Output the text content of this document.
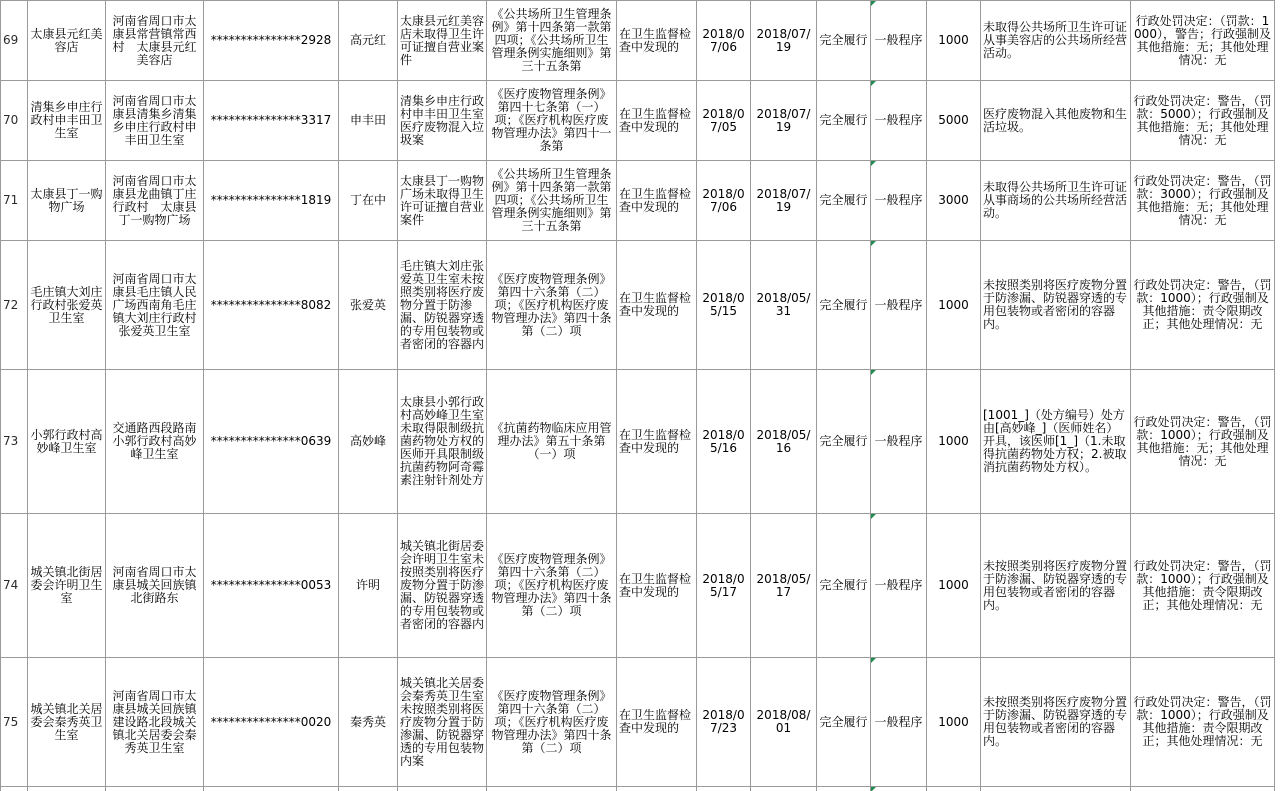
69	太康县元红美容店	河南省周口市太康县常营镇常西村　太康县元红美容店	***************2928	高元红	太康县元红美容店未取得卫生许可证擅自营业案件	《公共场所卫生管理条例》第十四条第一款第四项；《公共场所卫生管理条例实施细则》第三十五条第	在卫生监督检查中发现的	2018/07/06	2018/07/19	完全履行	一般程序	1000	未取得公共场所卫生许可证从事美容店的公共场所经营活动。	行政处罚决定：（罚款：1000），警告；行政强制及其他措施：无；其他处理情况：无
70	清集乡申庄行政村申丰田卫生室	河南省周口市太康县清集乡清集乡申庄行政村申丰田卫生室	***************3317	申丰田	清集乡申庄行政村申丰田卫生室医疗废物混入垃圾案	《医疗废物管理条例》第四十七条第（一）项；《医疗机构医疗废物管理办法》第四十一条第	在卫生监督检查中发现的	2018/07/05	2018/07/19	完全履行	一般程序	5000	医疗废物混入其他废物和生活垃圾。	行政处罚决定：警告，（罚款：5000）；行政强制及其他措施：无；其他处理情况：无
71	太康县丁一购物广场	河南省周口市太康县龙曲镇丁庄行政村　太康县丁一购物广场	***************1819	丁在中	太康县丁一购物广场未取得卫生许可证擅自营业案件	《公共场所卫生管理条例》第十四条第一款第四项；《公共场所卫生管理条例实施细则》第三十五条第	在卫生监督检查中发现的	2018/07/06	2018/07/19	完全履行	一般程序	3000	未取得公共场所卫生许可证从事商场的公共场所经营活动。	行政处罚决定：警告，（罚款：3000）；行政强制及其他措施：无；其他处理情况：无
72	毛庄镇大刘庄行政村张爱英卫生室	河南省周口市太康县毛庄镇人民广场西南角毛庄镇大刘庄行政村张爱英卫生室	***************8082	张爱英	毛庄镇大刘庄张爱英卫生室未按照类别将医疗废物分置于防渗漏、防锐器穿透的专用包装物或者密闭的容器内	《医疗废物管理条例》第四十六条第（二）项；《医疗机构医疗废物管理办法》第四十条第（二）项	在卫生监督检查中发现的	2018/05/15	2018/05/31	完全履行	一般程序	1000	未按照类别将医疗废物分置于防渗漏、防锐器穿透的专用包装物或者密闭的容器内。	行政处罚决定：警告，（罚款：1000）；行政强制及其他措施：责令限期改正；其他处理情况：无
73	小郭行政村高妙峰卫生室	交通路西段路南小郭行政村高妙峰卫生室	***************0639	高妙峰	太康县小郭行政村高妙峰卫生室未取得限制级抗菌药物处方权的医师开具限制级抗菌药物阿奇霉素注射针剂处方	《抗菌药物临床应用管理办法》第五十条第（一）项	在卫生监督检查中发现的	2018/05/16	2018/05/16	完全履行	一般程序	1000	[1001_]（处方编号）处方由[高妙峰_]（医师姓名）开具，该医师[1_]（1.未取得抗菌药物处方权；2.被取消抗菌药物处方权）。	行政处罚决定：警告，（罚款：1000）；行政强制及其他措施：无；其他处理情况：无
74	城关镇北街居委会许明卫生室	河南省周口市太康县城关回族镇北街路东	***************0053	许明	城关镇北街居委会许明卫生室未按照类别将医疗废物分置于防渗漏、防锐器穿透的专用包装物或者密闭的容器内	《医疗废物管理条例》第四十六条第（二）项；《医疗机构医疗废物管理办法》第四十条第（二）项	在卫生监督检查中发现的	2018/05/17	2018/05/17	完全履行	一般程序	1000	未按照类别将医疗废物分置于防渗漏、防锐器穿透的专用包装物或者密闭的容器内。	行政处罚决定：警告，（罚款：1000）；行政强制及其他措施：责令限期改正；其他处理情况：无
75	城关镇北关居委会秦秀英卫生室	河南省周口市太康县城关回族镇建设路北段城关镇北关居委会秦秀英卫生室	***************0020	秦秀英	城关镇北关居委会秦秀英卫生室未按照类别将医疗废物分置于防渗漏、防锐器穿透的专用包装物内案	《医疗废物管理条例》第四十六条第（二）项；《医疗机构医疗废物管理办法》第四十条第（二）项	在卫生监督检查中发现的	2018/07/23	2018/08/01	完全履行	一般程序	1000	未按照类别将医疗废物分置于防渗漏、防锐器穿透的专用包装物或者密闭的容器内。	行政处罚决定：警告，（罚款：1000）；行政强制及其他措施：责令限期改正；其他处理情况：无
